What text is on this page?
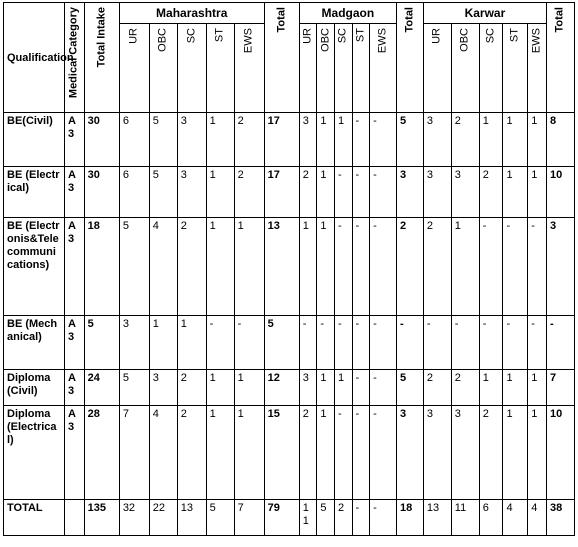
Qualification	Medical Category	Total Intake	Maharashtra					Total	Madgaon					Total	Karwar					Total

			UR	OBC	SC	ST	EWS		UR	OBC	SC	ST	EWS		UR	OBC	SC	ST	EWS	

BE(Civil)	A3	30	6	5	3	1	2	17	3	1	1	-	-	5	3	2	1	1	1	8
BE (Electrical)	A3	30	6	5	3	1	2	17	2	1	-	-	-	3	3	3	2	1	1	10
BE (Electronis&Telecommunications)	A3	18	5	4	2	1	1	13	1	1	-	-	-	2	2	1	-	-	-	3
BE (Mechanical)	A3	5	3	1	1	-	-	5	-	-	-	-	-	-	-	-	-	-	-	-
Diploma (Civil)	A3	24	5	3	2	1	1	12	3	1	1	-	-	5	2	2	1	1	1	7
Diploma (Electrical)	A3	28	7	4	2	1	1	15	2	1	-	-	-	3	3	3	2	1	1	10
TOTAL		135	32	22	13	5	7	79	11	5	2	-	-	18	13	11	6	4	4	38
